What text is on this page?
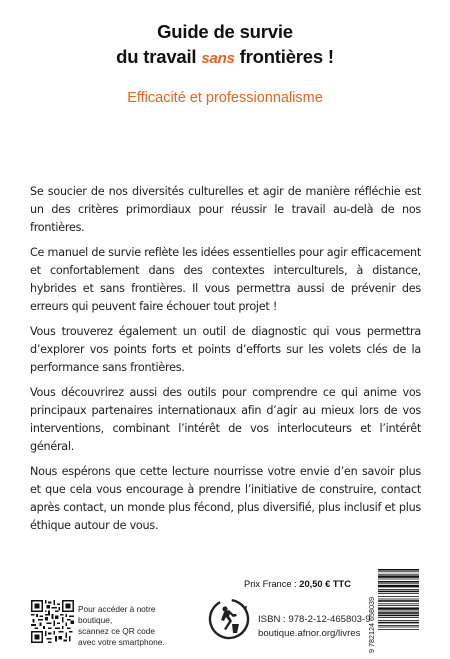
Guide de survie
du travail sans frontières !
Efficacité et professionnalisme

Se soucier de nos diversités culturelles et agir de manière réfléchie est un des critères primordiaux pour réussir le travail au-delà de nos frontières.

Ce manuel de survie reflète les idées essentielles pour agir efficacement et confortablement dans des contextes interculturels, à distance, hybrides et sans frontières. Il vous permettra aussi de prévenir des erreurs qui peuvent faire échouer tout projet !

Vous trouverez également un outil de diagnostic qui vous permettra d’explorer vos points forts et points d’efforts sur les volets clés de la performance sans frontières.

Vous découvrirez aussi des outils pour comprendre ce qui anime vos principaux partenaires internationaux afin d’agir au mieux lors de vos interventions, combinant l’intérêt de vos interlocuteurs et l’intérêt général.

Nous espérons que cette lecture nourrisse votre envie d’en savoir plus et que cela vous encourage à prendre l’initiative de construire, contact après contact, un monde plus fécond, plus diversifié, plus inclusif et plus éthique autour de vous.

Prix France : 20,50 € TTC
Pour accéder à notre boutique,
scannez ce QR code
avec votre smartphone.
ISBN : 978-2-12-465803-9
boutique.afnor.org/livres 9 782124 658039
